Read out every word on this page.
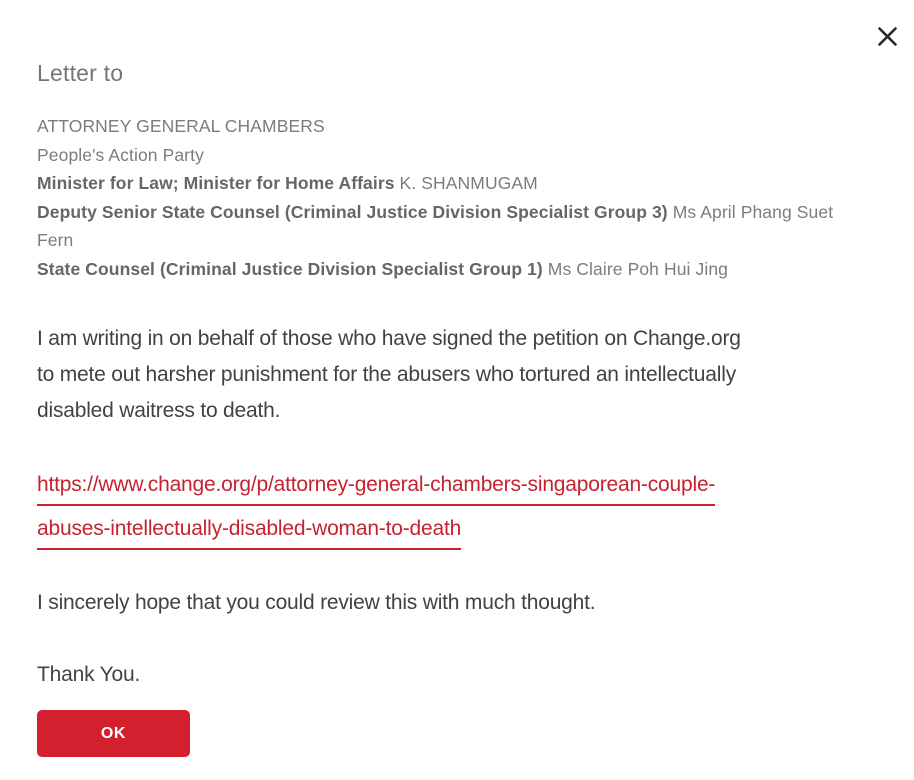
Letter to
ATTORNEY GENERAL CHAMBERS
People's Action Party
Minister for Law; Minister for Home Affairs K. SHANMUGAM
Deputy Senior State Counsel (Criminal Justice Division Specialist Group 3) Ms April Phang Suet Fern
State Counsel (Criminal Justice Division Specialist Group 1) Ms Claire Poh Hui Jing
I am writing in on behalf of those who have signed the petition on Change.org
to mete out harsher punishment for the abusers who tortured an intellectually
disabled waitress to death.
https://www.change.org/p/attorney-general-chambers-singaporean-couple-
abuses-intellectually-disabled-woman-to-death
I sincerely hope that you could review this with much thought.
Thank You.
OK
